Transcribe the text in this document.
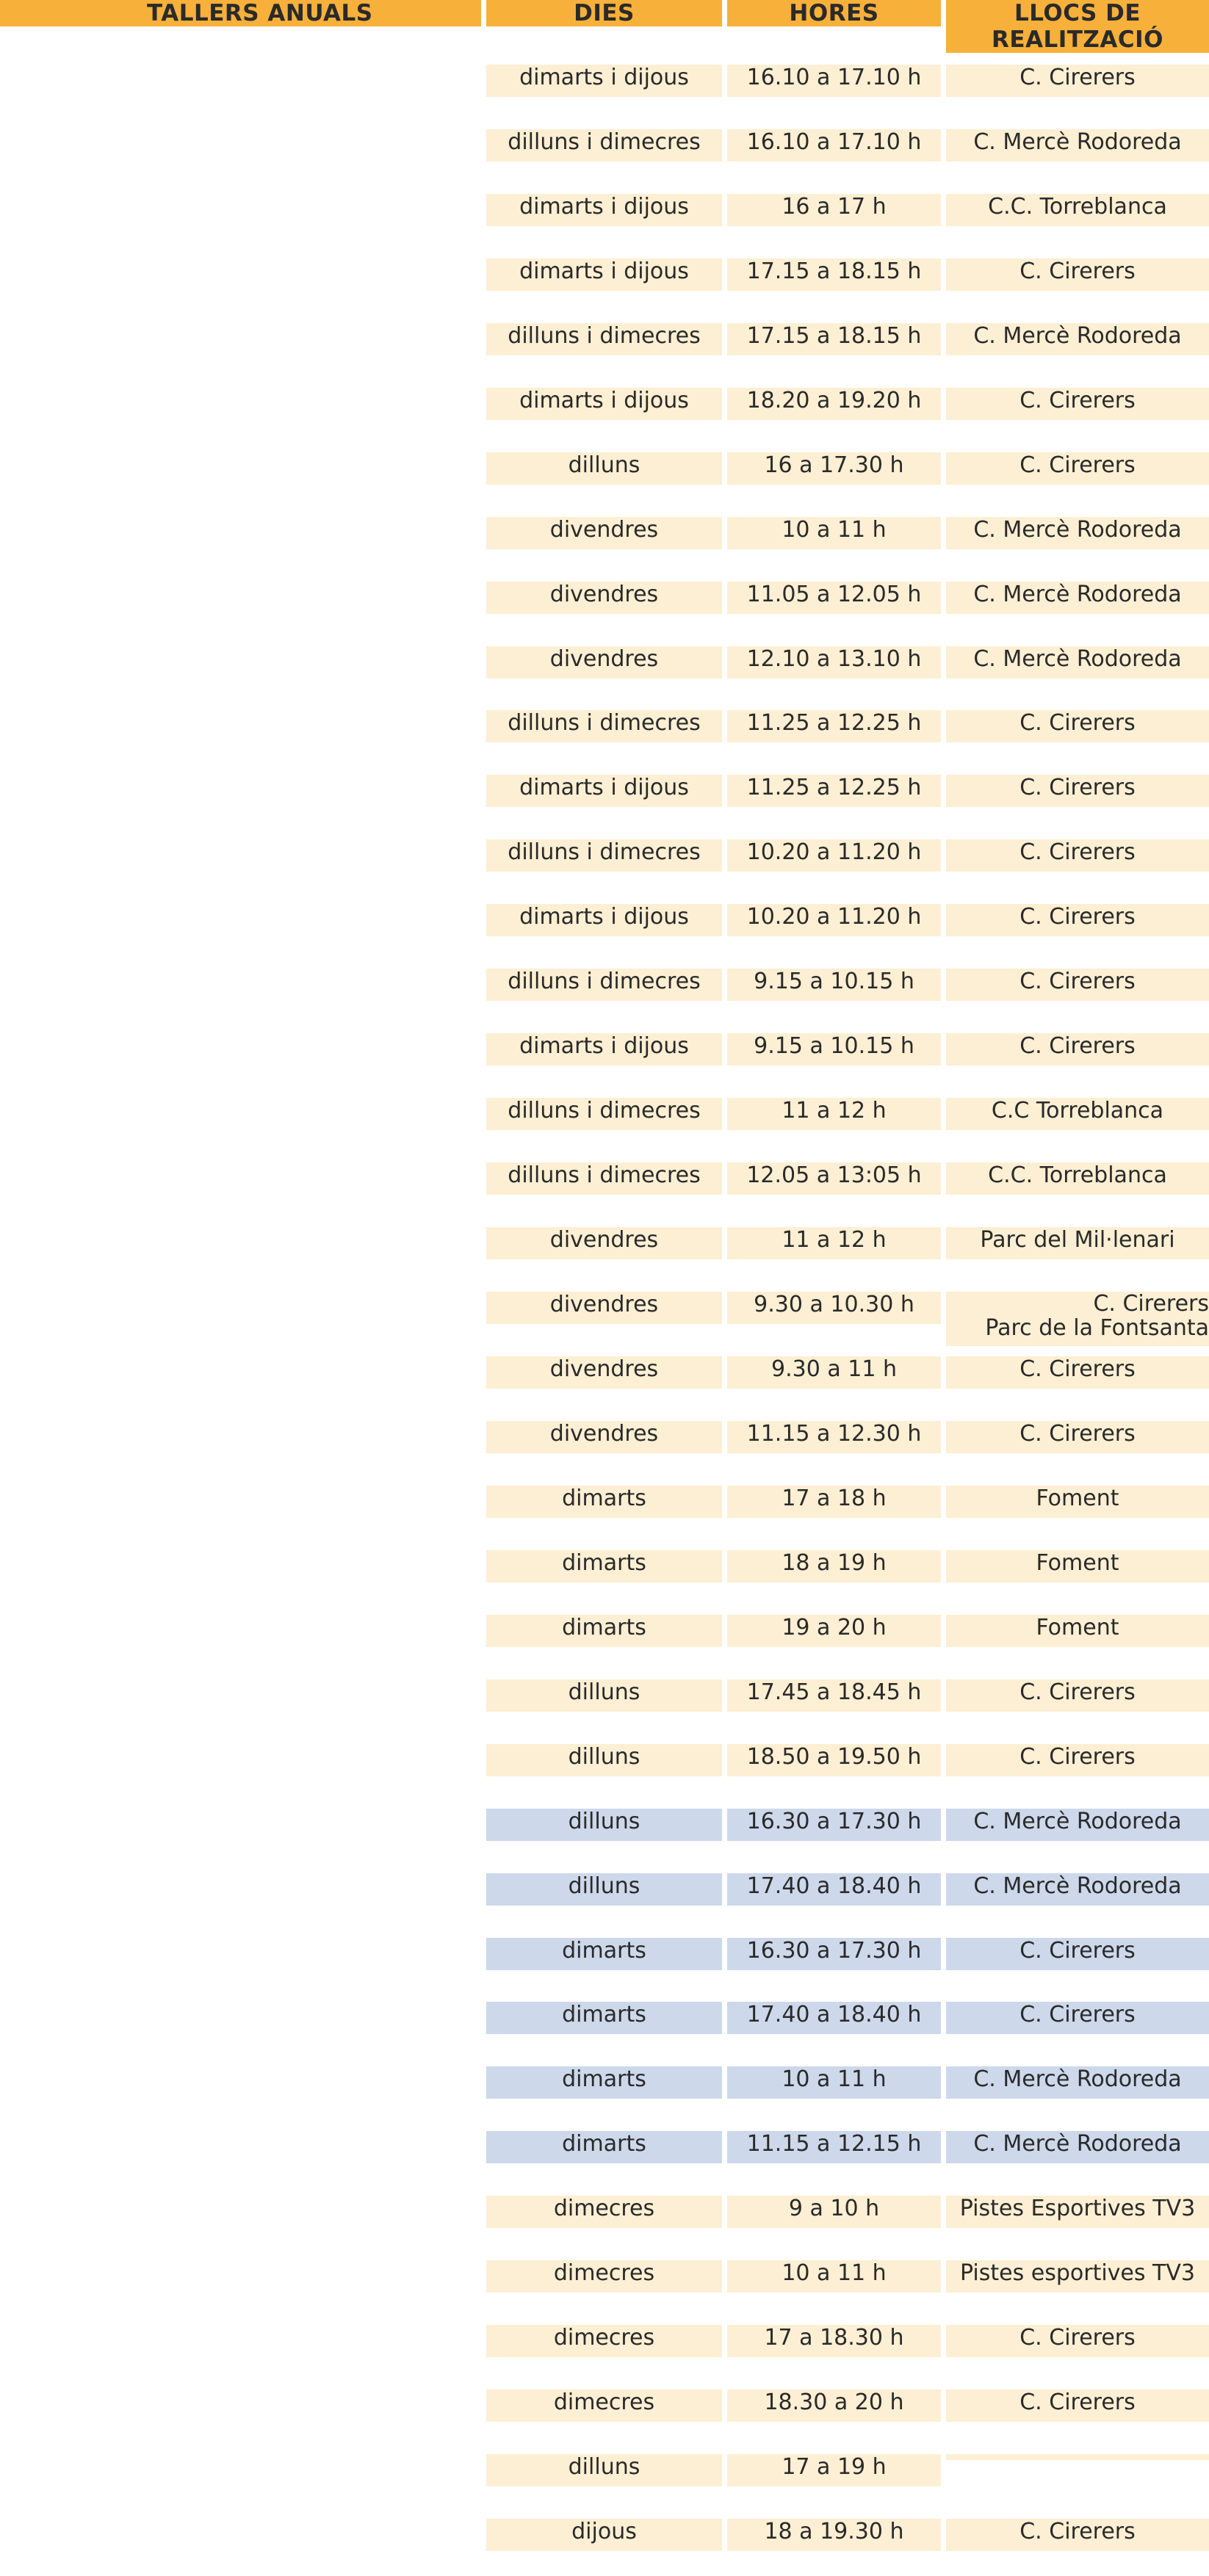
TALLERS ANUALS	DIES	HORES	LLOCS DE
REALITZACIÓ
dimarts i dijous	16.10 a 17.10 h	C. Cirerers
dilluns i dimecres	16.10 a 17.10 h	C. Mercè Rodoreda
dimarts i dijous	16 a 17 h	C.C. Torreblanca
dimarts i dijous	17.15 a 18.15 h	C. Cirerers
dilluns i dimecres	17.15 a 18.15 h	C. Mercè Rodoreda
dimarts i dijous	18.20 a 19.20 h	C. Cirerers
dilluns	16 a 17.30 h	C. Cirerers
divendres	10 a 11 h	C. Mercè Rodoreda
divendres	11.05 a 12.05 h	C. Mercè Rodoreda
divendres	12.10 a 13.10 h	C. Mercè Rodoreda
dilluns i dimecres	11.25 a 12.25 h	C. Cirerers
dimarts i dijous	11.25 a 12.25 h	C. Cirerers
dilluns i dimecres	10.20 a 11.20 h	C. Cirerers
dimarts i dijous	10.20 a 11.20 h	C. Cirerers
dilluns i dimecres	9.15 a 10.15 h	C. Cirerers
dimarts i dijous	9.15 a 10.15 h	C. Cirerers
dilluns i dimecres	11 a 12 h	C.C Torreblanca
dilluns i dimecres	12.05 a 13:05 h	C.C. Torreblanca
divendres	11 a 12 h	Parc del Mil·lenari
divendres	9.30 a 10.30 h	C. Cirerers
Parc de la Fontsanta
divendres	9.30 a 11 h	C. Cirerers
divendres	11.15 a 12.30 h	C. Cirerers
dimarts	17 a 18 h	Foment
dimarts	18 a 19 h	Foment
dimarts	19 a 20 h	Foment
dilluns	17.45 a 18.45 h	C. Cirerers
dilluns	18.50 a 19.50 h	C. Cirerers
NO
ET QUEDIS
ENRERE
dilluns	16.30 a 17.30 h	C. Mercè Rodoreda
NO
ET QUEDIS
ENRERE
dilluns	17.40 a 18.40 h	C. Mercè Rodoreda
NO
ET QUEDIS
ENRERE
dimarts	16.30 a 17.30 h	C. Cirerers
NO
ET QUEDIS
ENRERE
dimarts	17.40 a 18.40 h	C. Cirerers
NO
ET QUEDIS
ENRERE
dimarts	10 a 11 h	C. Mercè Rodoreda
NO
ET QUEDIS
ENRERE
dimarts	11.15 a 12.15 h	C. Mercè Rodoreda
dimecres	9 a 10 h	Pistes Esportives TV3
dimecres	10 a 11 h	Pistes esportives TV3
dimecres	17 a 18.30 h	C. Cirerers
dimecres	18.30 a 20 h	C. Cirerers
dilluns	17 a 19 h
dijous	18 a 19.30 h	C. Cirerers
